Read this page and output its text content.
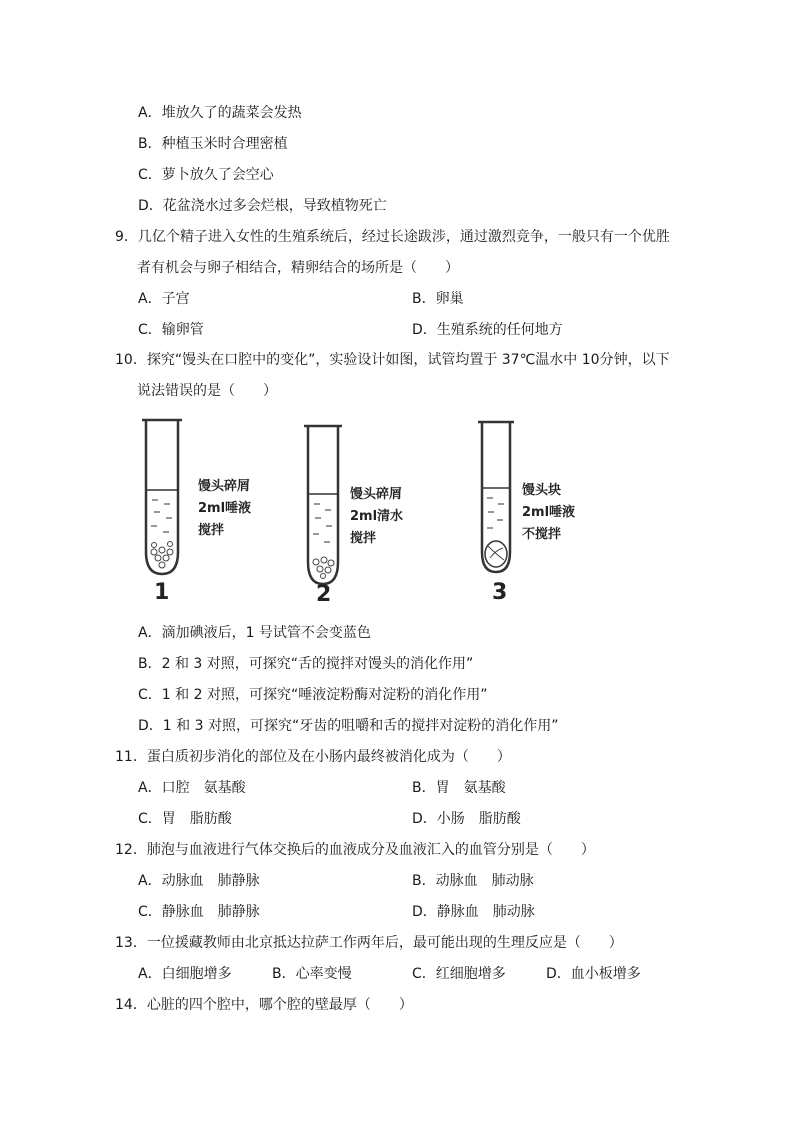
A．堆放久了的蔬菜会发热
B．种植玉米时合理密植
C．萝卜放久了会空心
D．花盆浇水过多会烂根，导致植物死亡
9．几亿个精子进入女性的生殖系统后，经过长途跋涉，通过激烈竞争，一般只有一个优胜
者有机会与卵子相结合，精卵结合的场所是（　　）
A．子宫	B．卵巢
C．输卵管	D．生殖系统的任何地方
10．探究“馒头在口腔中的变化”，实验设计如图，试管均置于 37℃温水中 10分钟，以下
说法错误的是（　　）
馒头碎屑
2ml唾液
搅拌
馒头碎屑
2ml清水
搅拌
馒头块
2ml唾液
不搅拌
1	2	3
A．滴加碘液后，1 号试管不会变蓝色
B．2 和 3 对照，可探究“舌的搅拌对馒头的消化作用”
C．1 和 2 对照，可探究“唾液淀粉酶对淀粉的消化作用”
D．1 和 3 对照，可探究“牙齿的咀嚼和舌的搅拌对淀粉的消化作用”
11．蛋白质初步消化的部位及在小肠内最终被消化成为（　　）
A．口腔　氨基酸	B．胃　氨基酸
C．胃　脂肪酸	D．小肠　脂肪酸
12．肺泡与血液进行气体交换后的血液成分及血液汇入的血管分别是（　　）
A．动脉血　肺静脉	B．动脉血　肺动脉
C．静脉血　肺静脉	D．静脉血　肺动脉
13．一位援藏教师由北京抵达拉萨工作两年后，最可能出现的生理反应是（　　）
A．白细胞增多	B．心率变慢	C．红细胞增多	D．血小板增多
14．心脏的四个腔中，哪个腔的壁最厚（　　）
